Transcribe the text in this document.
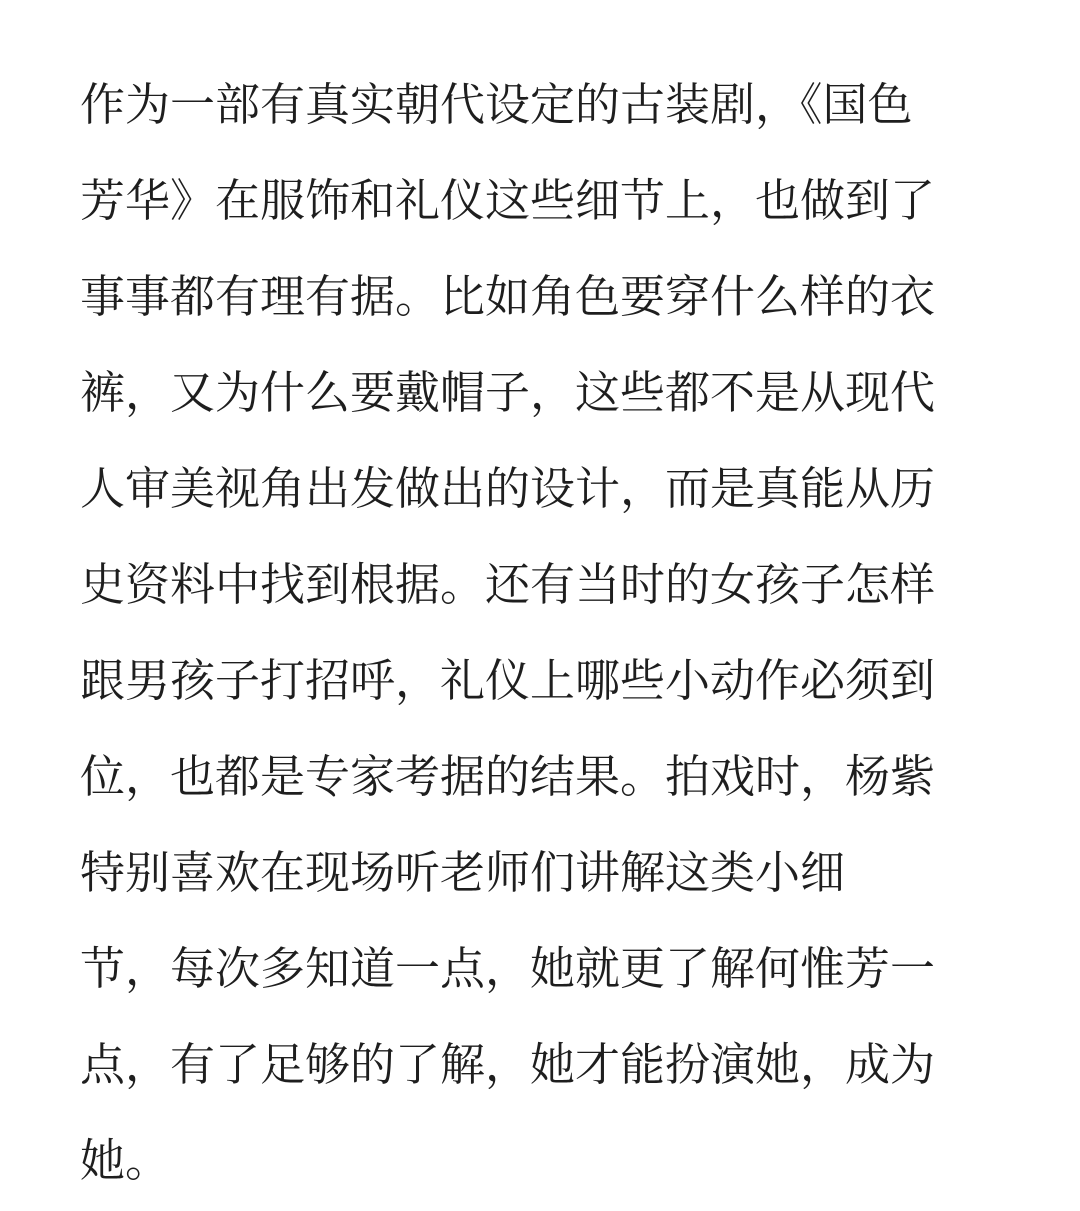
作为一部有真实朝代设定的古装剧，《国色
芳华》在服饰和礼仪这些细节上，也做到了
事事都有理有据。比如角色要穿什么样的衣
裤，又为什么要戴帽子，这些都不是从现代
人审美视角出发做出的设计，而是真能从历
史资料中找到根据。还有当时的女孩子怎样
跟男孩子打招呼，礼仪上哪些小动作必须到
位，也都是专家考据的结果。拍戏时，杨紫
特别喜欢在现场听老师们讲解这类小细
节，每次多知道一点，她就更了解何惟芳一
点，有了足够的了解，她才能扮演她，成为
她。
